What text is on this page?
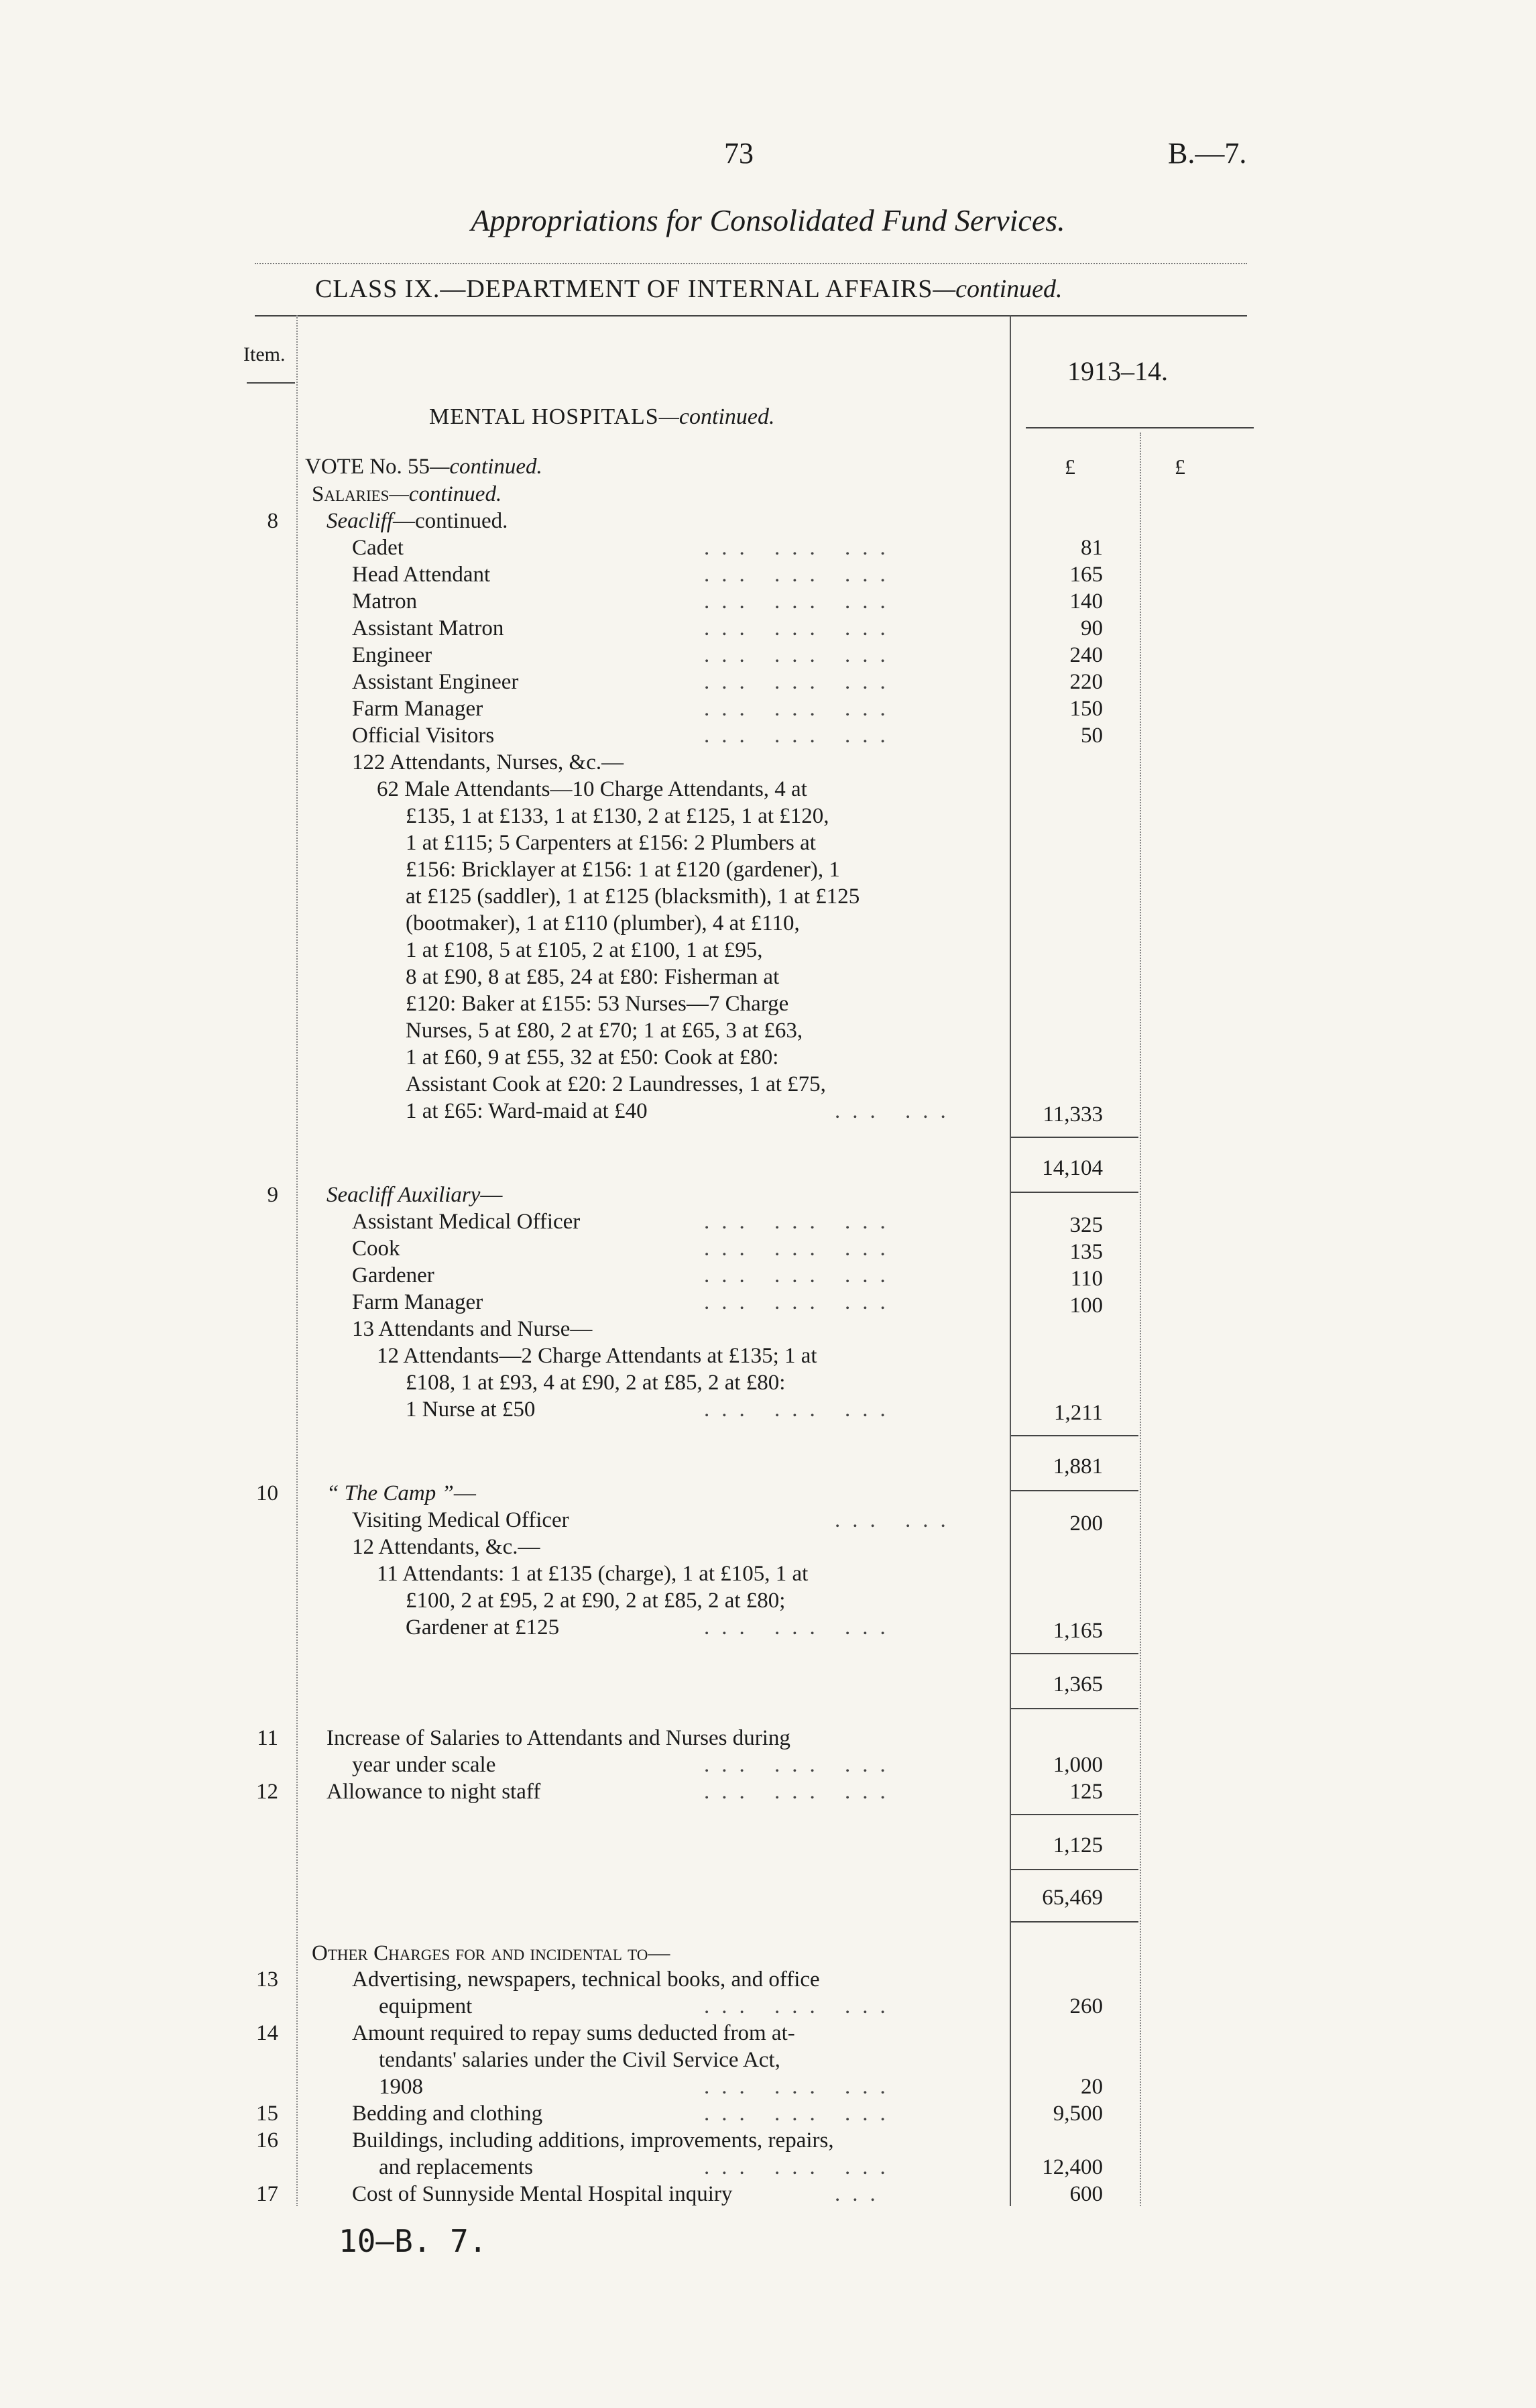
73	B.—7.
Appropriations for Consolidated Fund Services.
CLASS IX.—DEPARTMENT OF INTERNAL AFFAIRS—continued.
Item.
1913–14.
MENTAL HOSPITALS—continued.
£	£
VOTE No. 55—continued.
Salaries—continued.
8 Seacliff—continued.
Cadet	... ... ...	81
Head Attendant	... ... ...	165
Matron	... ... ...	140
Assistant Matron	... ... ...	90
Engineer	... ... ...	240
Assistant Engineer	... ... ...	220
Farm Manager	... ... ...	150
Official Visitors	... ... ...	50
122 Attendants, Nurses, &c.—
62 Male Attendants—10 Charge Attendants, 4 at
£135, 1 at £133, 1 at £130, 2 at £125, 1 at £120,
1 at £115; 5 Carpenters at £156: 2 Plumbers at
£156: Bricklayer at £156: 1 at £120 (gardener), 1
at £125 (saddler), 1 at £125 (blacksmith), 1 at £125
(bootmaker), 1 at £110 (plumber), 4 at £110,
1 at £108, 5 at £105, 2 at £100, 1 at £95,
8 at £90, 8 at £85, 24 at £80: Fisherman at
£120: Baker at £155: 53 Nurses—7 Charge
Nurses, 5 at £80, 2 at £70; 1 at £65, 3 at £63,
1 at £60, 9 at £55, 32 at £50: Cook at £80:
Assistant Cook at £20: 2 Laundresses, 1 at £75,
1 at £65: Ward-maid at £40	... ...	11,333
14,104
9 Seacliff Auxiliary—
Assistant Medical Officer	... ... ...	325
Cook	... ... ...	135
Gardener	... ... ...	110
Farm Manager	... ... ...	100
13 Attendants and Nurse—
12 Attendants—2 Charge Attendants at £135; 1 at
£108, 1 at £93, 4 at £90, 2 at £85, 2 at £80:
1 Nurse at £50	... ... ...	1,211
1,881
10 “ The Camp ”—
Visiting Medical Officer	... ...	200
12 Attendants, &c.—
11 Attendants: 1 at £135 (charge), 1 at £105, 1 at
£100, 2 at £95, 2 at £90, 2 at £85, 2 at £80;
Gardener at £125	... ... ...	1,165
1,365
11 Increase of Salaries to Attendants and Nurses during
year under scale	... ... ...	1,000
12 Allowance to night staff	... ... ...	125
1,125
65,469
Other Charges for and incidental to—
13	Advertising, newspapers, technical books, and office
equipment	... ... ...	260
14	Amount required to repay sums deducted from at-
tendants' salaries under the Civil Service Act,
1908	... ... ...	20
15	Bedding and clothing	... ... ...	9,500
16	Buildings, including additions, improvements, repairs,
and replacements	... ... ...	12,400
17	Cost of Sunnyside Mental Hospital inquiry	...	600
10—B. 7.
